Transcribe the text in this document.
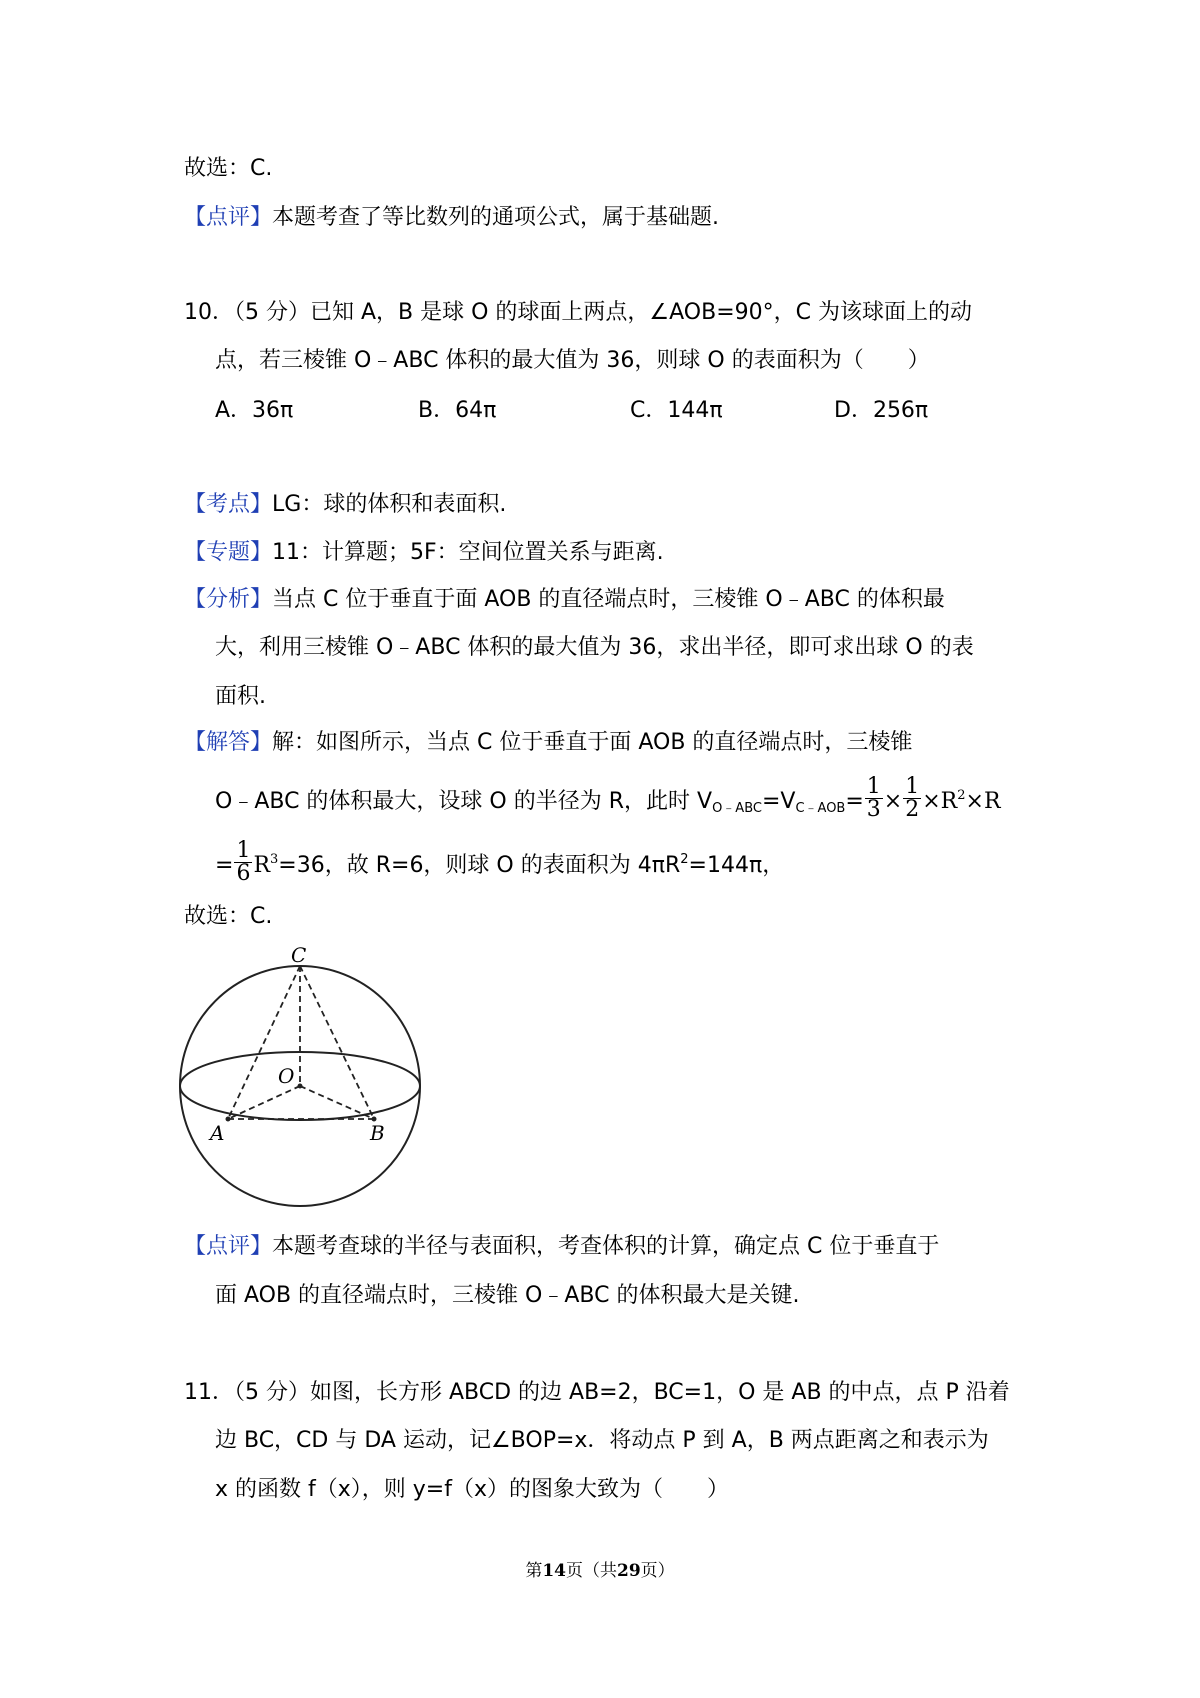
故选：C.
【点评】本题考查了等比数列的通项公式，属于基础题.
10．（5 分）已知 A，B 是球 O 的球面上两点，∠AOB=90°，C 为该球面上的动
点，若三棱锥 O﹣ABC 体积的最大值为 36，则球 O 的表面积为（　　）
A．36π	B．64π	C．144π	D．256π
【考点】LG：球的体积和表面积.
【专题】11：计算题；5F：空间位置关系与距离.
【分析】当点 C 位于垂直于面 AOB 的直径端点时，三棱锥 O﹣ABC 的体积最
大，利用三棱锥 O﹣ABC 体积的最大值为 36，求出半径，即可求出球 O 的表
面积.
【解答】解：如图所示，当点 C 位于垂直于面 AOB 的直径端点时，三棱锥
O﹣ABC 的体积最大，设球 O 的半径为 R，此时 $V_{O﹣ABC}=V_{C﹣AOB}= \frac{1}{3} \times \frac{1}{2} \times R^2\times R$
= $\frac{1}{6} R^3=36$，故 R=6，则球 O 的表面积为 $4\pi R^2=144\pi$，
故选：C.
C
O
A	B
【点评】本题考查球的半径与表面积，考查体积的计算，确定点 C 位于垂直于
面 AOB 的直径端点时，三棱锥 O﹣ABC 的体积最大是关键.
11．（5 分）如图，长方形 ABCD 的边 AB=2，BC=1，O 是 AB 的中点，点 P 沿着
边 BC，CD 与 DA 运动，记∠BOP=x．将动点 P 到 A，B 两点距离之和表示为
x 的函数 f（x），则 y=f（x）的图象大致为（　　）
第14页（共29页）
